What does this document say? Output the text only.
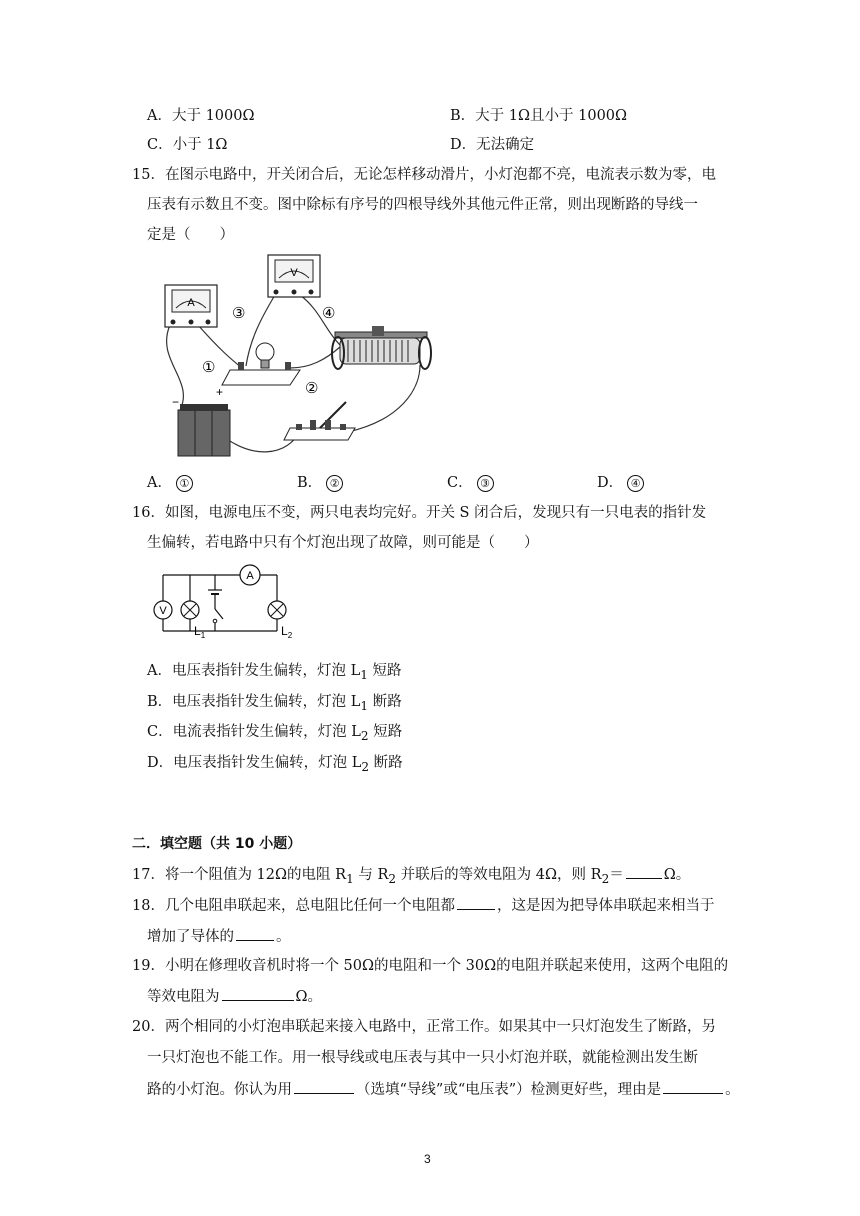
A．大于 1000Ω	B．大于 1Ω且小于 1000Ω
C．小于 1Ω	D．无法确定
15．在图示电路中，开关闭合后，无论怎样移动滑片，小灯泡都不亮，电流表示数为零，电
压表有示数且不变。图中除标有序号的四根导线外其他元件正常，则出现断路的导线一
定是（　　）
A
V
−
+
①
③
②
④
A． ①	B． ②	C． ③	D． ④
16．如图，电源电压不变，两只电表均完好。开关 S 闭合后，发现只有一只电表的指针发
生偏转，若电路中只有个灯泡出现了故障，则可能是（　　）
V
$L_1$
A
$L_2$
A．电压表指针发生偏转，灯泡 $L_1$ 短路
B．电压表指针发生偏转，灯泡 $L_1$ 断路
C．电流表指针发生偏转，灯泡 $L_2$ 短路
D．电压表指针发生偏转，灯泡 $L_2$ 断路
二．填空题（共 10 小题）
17．将一个阻值为 12Ω的电阻 $R_1$ 与 $R_2$ 并联后的等效电阻为 4Ω，则 $R_2=$	Ω。
18．几个电阻串联起来，总电阻比任何一个电阻都	，这是因为把导体串联起来相当于
增加了导体的	。
19．小明在修理收音机时将一个 50Ω的电阻和一个 30Ω的电阻并联起来使用，这两个电阻的
等效电阻为	Ω。
20．两个相同的小灯泡串联起来接入电路中，正常工作。如果其中一只灯泡发生了断路，另
一只灯泡也不能工作。用一根导线或电压表与其中一只小灯泡并联，就能检测出发生断
路的小灯泡。你认为用	（选填“导线”或“电压表”）检测更好些，理由是	。
3
